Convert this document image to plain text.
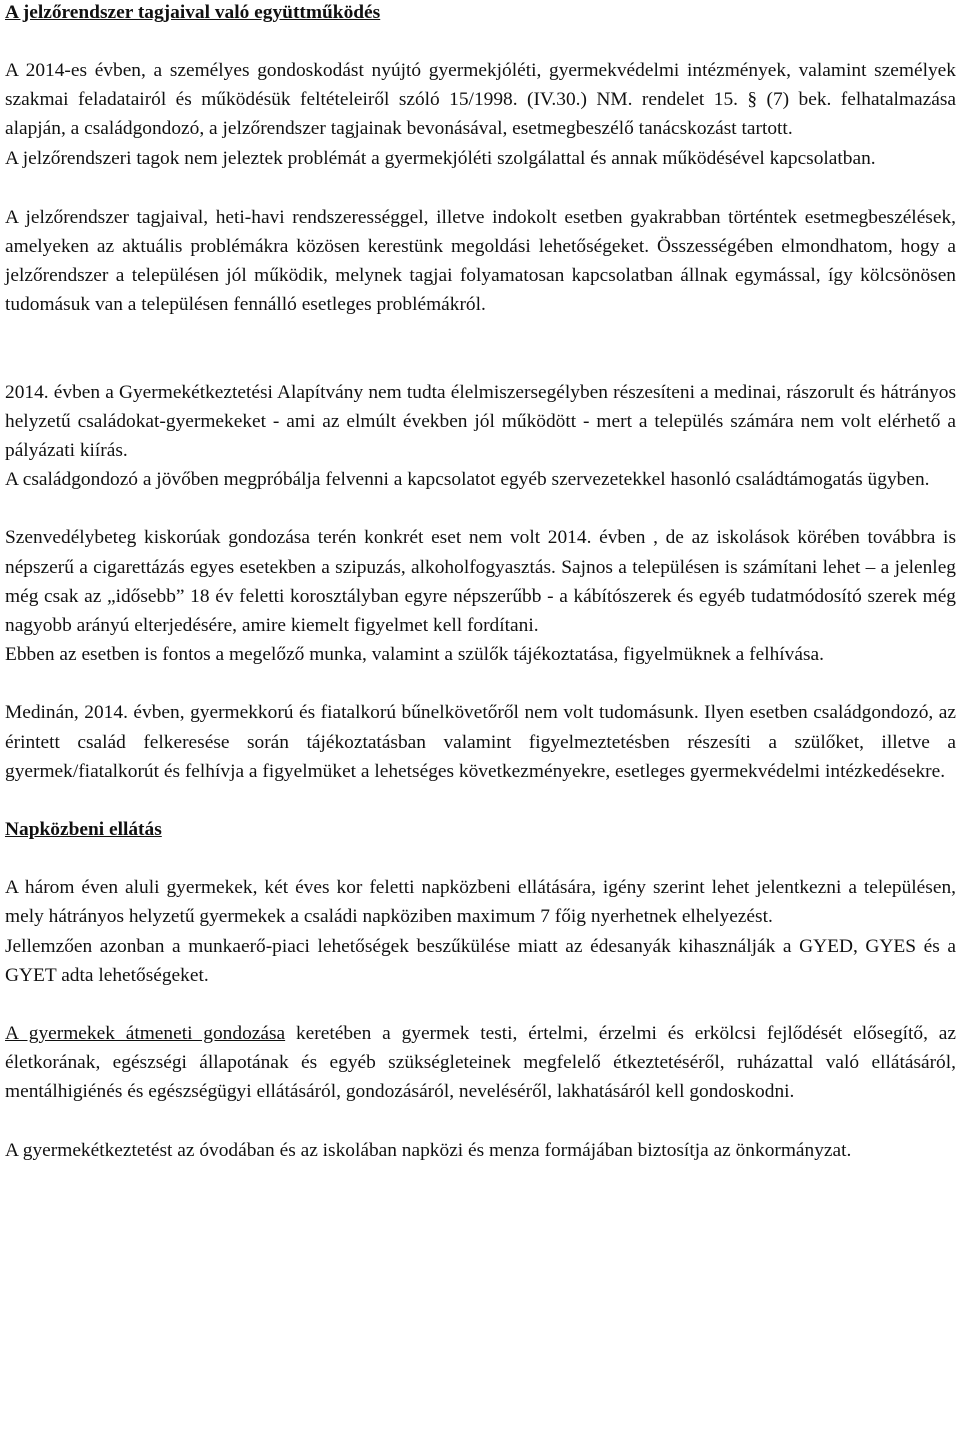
A jelzőrendszer tagjaival való együttműködés

A 2014-es évben, a személyes gondoskodást nyújtó gyermekjóléti, gyermekvédelmi intézmények, valamint személyek szakmai feladatairól és működésük feltételeiről szóló 15/1998. (IV.30.) NM. rendelet 15. § (7) bek. felhatalmazása alapján, a családgondozó, a jelzőrendszer tagjainak bevonásával, esetmegbeszélő tanácskozást tartott.

A jelzőrendszeri tagok nem jeleztek problémát a gyermekjóléti szolgálattal és annak működésével kapcsolatban.

A jelzőrendszer tagjaival, heti-havi rendszerességgel, illetve indokolt esetben gyakrabban történtek esetmegbeszélések, amelyeken az aktuális problémákra közösen kerestünk megoldási lehetőségeket. Összességében elmondhatom, hogy a jelzőrendszer a településen jól működik, melynek tagjai folyamatosan kapcsolatban állnak egymással, így kölcsönösen tudomásuk van a településen fennálló esetleges problémákról.

2014. évben a Gyermekétkeztetési Alapítvány nem tudta élelmiszersegélyben részesíteni a medinai, rászorult és hátrányos helyzetű családokat-gyermekeket - ami az elmúlt években jól működött - mert a település számára nem volt elérhető a pályázati kiírás.

A családgondozó a jövőben megpróbálja felvenni a kapcsolatot egyéb szervezetekkel hasonló családtámogatás ügyben.

Szenvedélybeteg kiskorúak gondozása terén konkrét eset nem volt 2014. évben , de az iskolások körében továbbra is népszerű a cigarettázás egyes esetekben a szipuzás, alkoholfogyasztás. Sajnos a településen is számítani lehet – a jelenleg még csak az „idősebb” 18 év feletti korosztályban egyre népszerűbb - a kábítószerek és egyéb tudatmódosító szerek még nagyobb arányú elterjedésére, amire kiemelt figyelmet kell fordítani.

Ebben az esetben is fontos a megelőző munka, valamint a szülők tájékoztatása, figyelmüknek a felhívása.

Medinán, 2014. évben, gyermekkorú és fiatalkorú bűnelkövetőről nem volt tudomásunk. Ilyen esetben családgondozó, az érintett család felkeresése során tájékoztatásban valamint figyelmeztetésben részesíti a szülőket, illetve a gyermek/fiatalkorút és felhívja a figyelmüket a lehetséges következményekre, esetleges gyermekvédelmi intézkedésekre.

Napközbeni ellátás

A három éven aluli gyermekek, két éves kor feletti napközbeni ellátására, igény szerint lehet jelentkezni a településen, mely hátrányos helyzetű gyermekek a családi napköziben maximum 7 főig nyerhetnek elhelyezést.

Jellemzően azonban a munkaerő-piaci lehetőségek beszűkülése miatt az édesanyák kihasználják a GYED, GYES és a GYET adta lehetőségeket.

A gyermekek átmeneti gondozása keretében a gyermek testi, értelmi, érzelmi és erkölcsi fejlődését elősegítő, az életkorának, egészségi állapotának és egyéb szükségleteinek megfelelő étkeztetéséről, ruházattal való ellátásáról, mentálhigiénés és egészségügyi ellátásáról, gondozásáról, neveléséről, lakhatásáról kell gondoskodni.

A gyermekétkeztetést az óvodában és az iskolában napközi és menza formájában biztosítja az önkormányzat.
